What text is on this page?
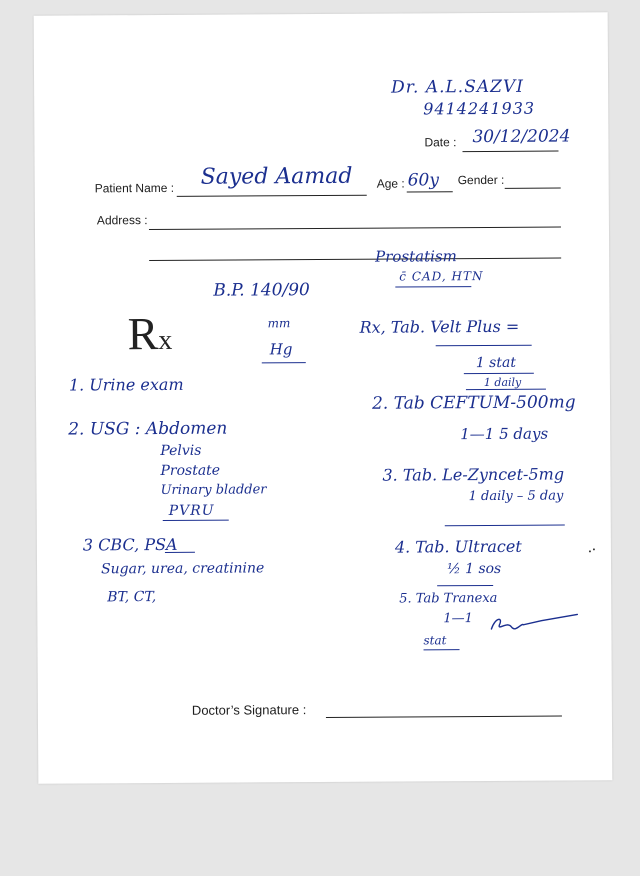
Dr. A.L.SAZVI
9414241933
Date : 30/12/2024
Patient Name : Sayed Aamad Age : 60y Gender :
Address :
Prostatism
c̄ CAD, HTN
B.P. 140/90
mm
Hg
Rx
1. Urine exam
2. USG : Abdomen
Pelvis
Prostate
Urinary bladder
PVRU
3 CBC, PSA
Sugar, urea, creatinine
BT, CT,
Rx, Tab. Velt Plus =
1 stat
1 daily
2. Tab CEFTUM-500mg
1—1 5 days
3. Tab. Le-Zyncet-5mg
1 daily – 5 day
4. Tab. Ultracet
½ 1 sos
5. Tab Tranexa
1—1
stat
Doctor’s Signature :
